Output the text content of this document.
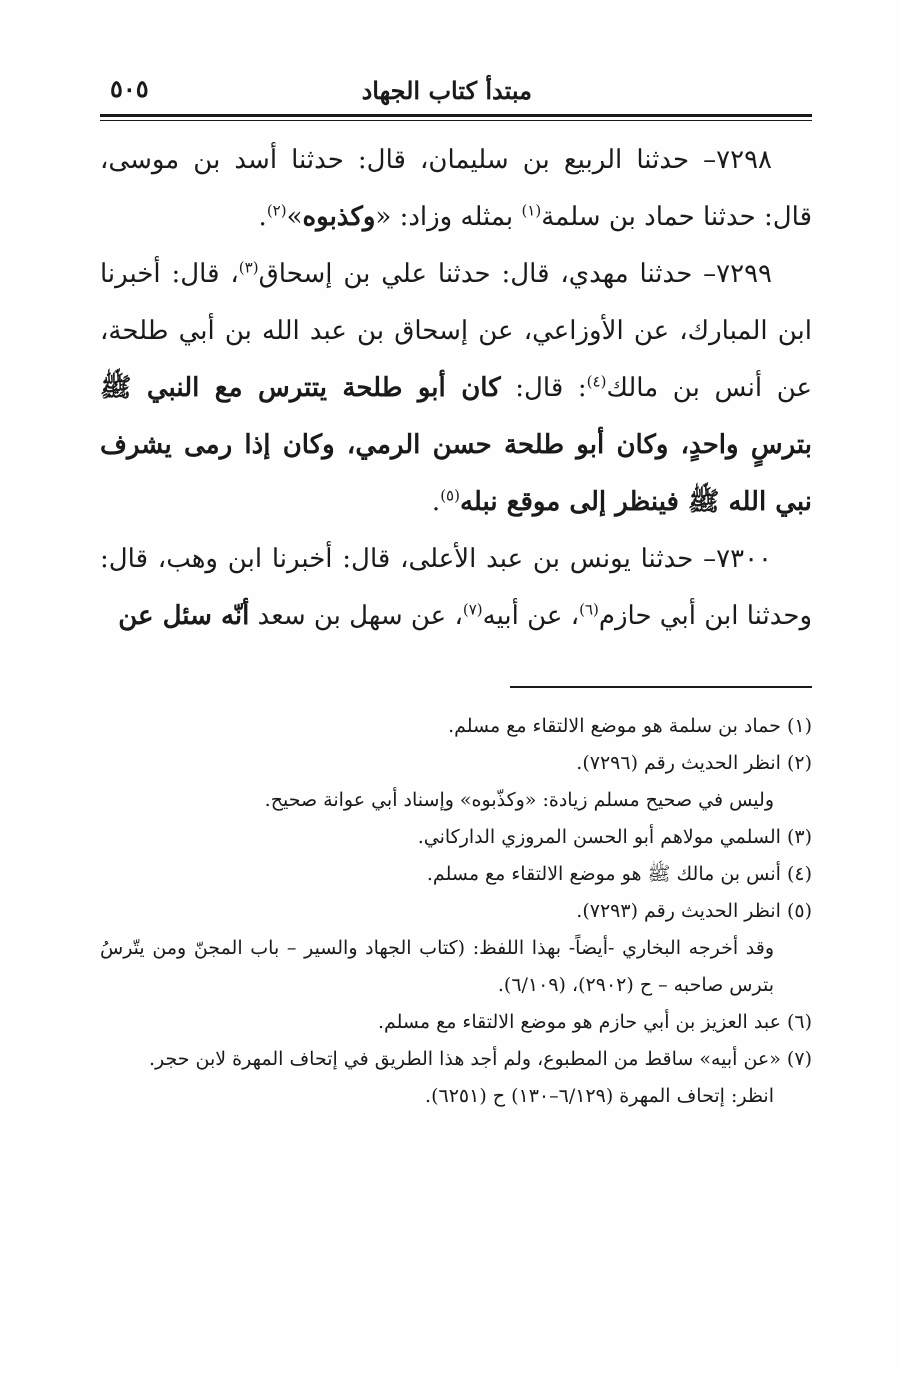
مبتدأ كتاب الجهاد
٥٠٥

٧٢٩٨– حدثنا الربيع بن سليمان، قال: حدثنا أسد بن موسى، قال: حدثنا حماد بن سلمة$^{(١)}$ بمثله وزاد: «وكذبوه»$^{(٢)}$.

٧٢٩٩– حدثنا مهدي، قال: حدثنا علي بن إسحاق$^{(٣)}$، قال: أخبرنا ابن المبارك، عن الأوزاعي، عن إسحاق بن عبد الله بن أبي طلحة، عن أنس بن مالك$^{(٤)}$: قال: كان أبو طلحة يتترس مع النبي ﷺ بترسٍ واحدٍ، وكان أبو طلحة حسن الرمي، وكان إذا رمى يشرف نبي الله ﷺ فينظر إلى موقع نبله$^{(٥)}$.

٧٣٠٠– حدثنا يونس بن عبد الأعلى، قال: أخبرنا ابن وهب، قال: وحدثنا ابن أبي حازم$^{(٦)}$، عن أبيه$^{(٧)}$، عن سهل بن سعد أنّه سئل عن

(١) حماد بن سلمة هو موضع الالتقاء مع مسلم.

(٢) انظر الحديث رقم (٧٢٩٦).

وليس في صحيح مسلم زيادة: «وكذّبوه» وإسناد أبي عوانة صحيح.

(٣) السلمي مولاهم أبو الحسن المروزي الداركاني.

(٤) أنس بن مالك ﷺ هو موضع الالتقاء مع مسلم.

(٥) انظر الحديث رقم (٧٢٩٣).

وقد أخرجه البخاري -أيضاً- بهذا اللفظ: (كتاب الجهاد والسير – باب المجنّ ومن يتّرسُ بترس صاحبه – ح (٢٩٠٢)، (٦/١٠٩).

(٦) عبد العزيز بن أبي حازم هو موضع الالتقاء مع مسلم.

(٧) «عن أبيه» ساقط من المطبوع، ولم أجد هذا الطريق في إتحاف المهرة لابن حجر.

انظر: إتحاف المهرة (٦/١٢٩–١٣٠) ح (٦٢٥١).
